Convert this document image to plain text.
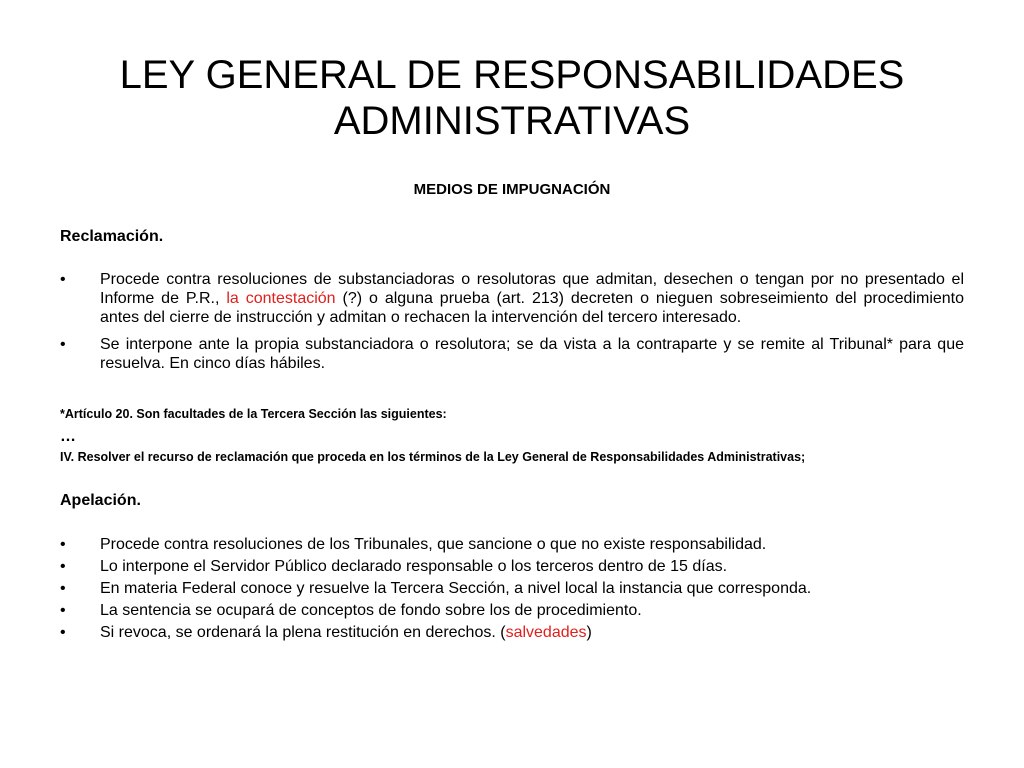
LEY GENERAL DE RESPONSABILIDADES ADMINISTRATIVAS
MEDIOS DE IMPUGNACIÓN
Reclamación.
• Procede contra resoluciones de substanciadoras o resolutoras que admitan, desechen o tengan por no presentado el Informe de P.R., la contestación (?) o alguna prueba (art. 213) decreten o nieguen sobreseimiento del procedimiento antes del cierre de instrucción y admitan o rechacen la intervención del tercero interesado.
• Se interpone ante la propia substanciadora o resolutora; se da vista a la contraparte y se remite al Tribunal* para que resuelva. En cinco días hábiles.
*Artículo 20. Son facultades de la Tercera Sección las siguientes:
…
IV. Resolver el recurso de reclamación que proceda en los términos de la Ley General de Responsabilidades Administrativas;
Apelación.
• Procede contra resoluciones de los Tribunales, que sancione o que no existe responsabilidad.
• Lo interpone el Servidor Público declarado responsable o los terceros dentro de 15 días.
• En materia Federal conoce y resuelve la Tercera Sección, a nivel local la instancia que corresponda.
• La sentencia se ocupará de conceptos de fondo sobre los de procedimiento.
• Si revoca, se ordenará la plena restitución en derechos. (salvedades)
